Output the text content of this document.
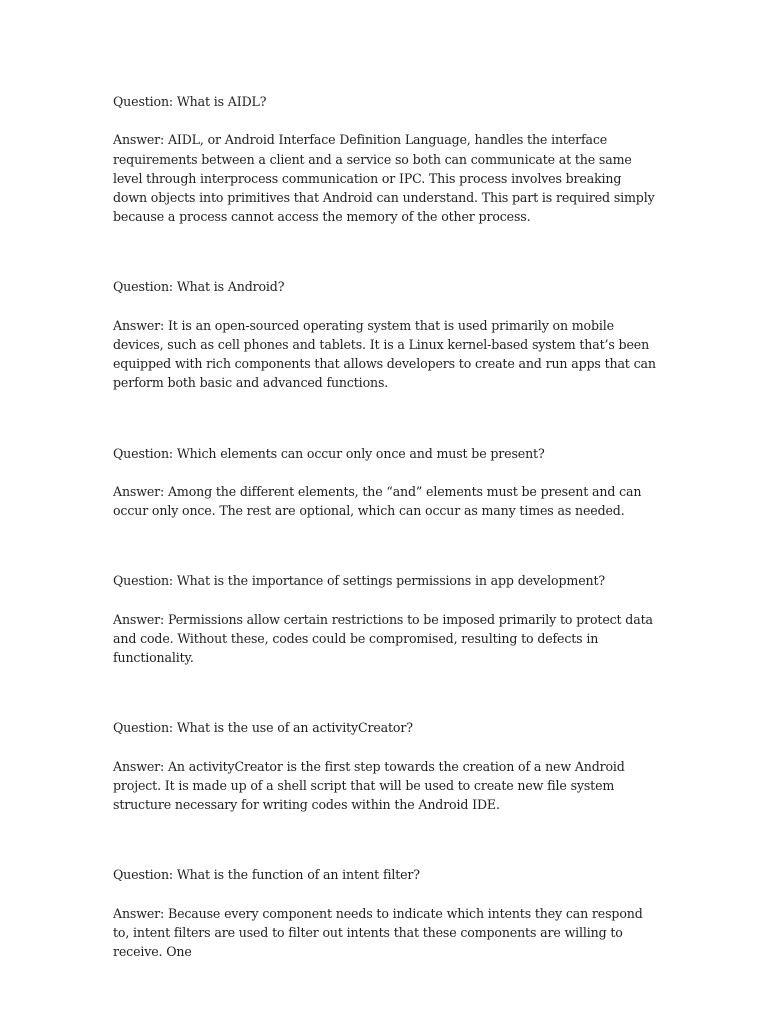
Question: What is AIDL?

Answer: AIDL, or Android Interface Definition Language, handles the interface requirements between a client and a service so both can communicate at the same level through interprocess communication or IPC. This process involves breaking down objects into primitives that Android can understand. This part is required simply because a process cannot access the memory of the other process.

Question: What is Android?

Answer: It is an open-sourced operating system that is used primarily on mobile devices, such as cell phones and tablets. It is a Linux kernel-based system that’s been equipped with rich components that allows developers to create and run apps that can perform both basic and advanced functions.

Question: Which elements can occur only once and must be present?

Answer: Among the different elements, the “and” elements must be present and can occur only once. The rest are optional, which can occur as many times as needed.

Question: What is the importance of settings permissions in app development?

Answer: Permissions allow certain restrictions to be imposed primarily to protect data and code. Without these, codes could be compromised, resulting to defects in functionality.

Question: What is the use of an activityCreator?

Answer: An activityCreator is the first step towards the creation of a new Android project. It is made up of a shell script that will be used to create new file system structure necessary for writing codes within the Android IDE.

Question: What is the function of an intent filter?

Answer: Because every component needs to indicate which intents they can respond to, intent filters are used to filter out intents that these components are willing to receive. One
